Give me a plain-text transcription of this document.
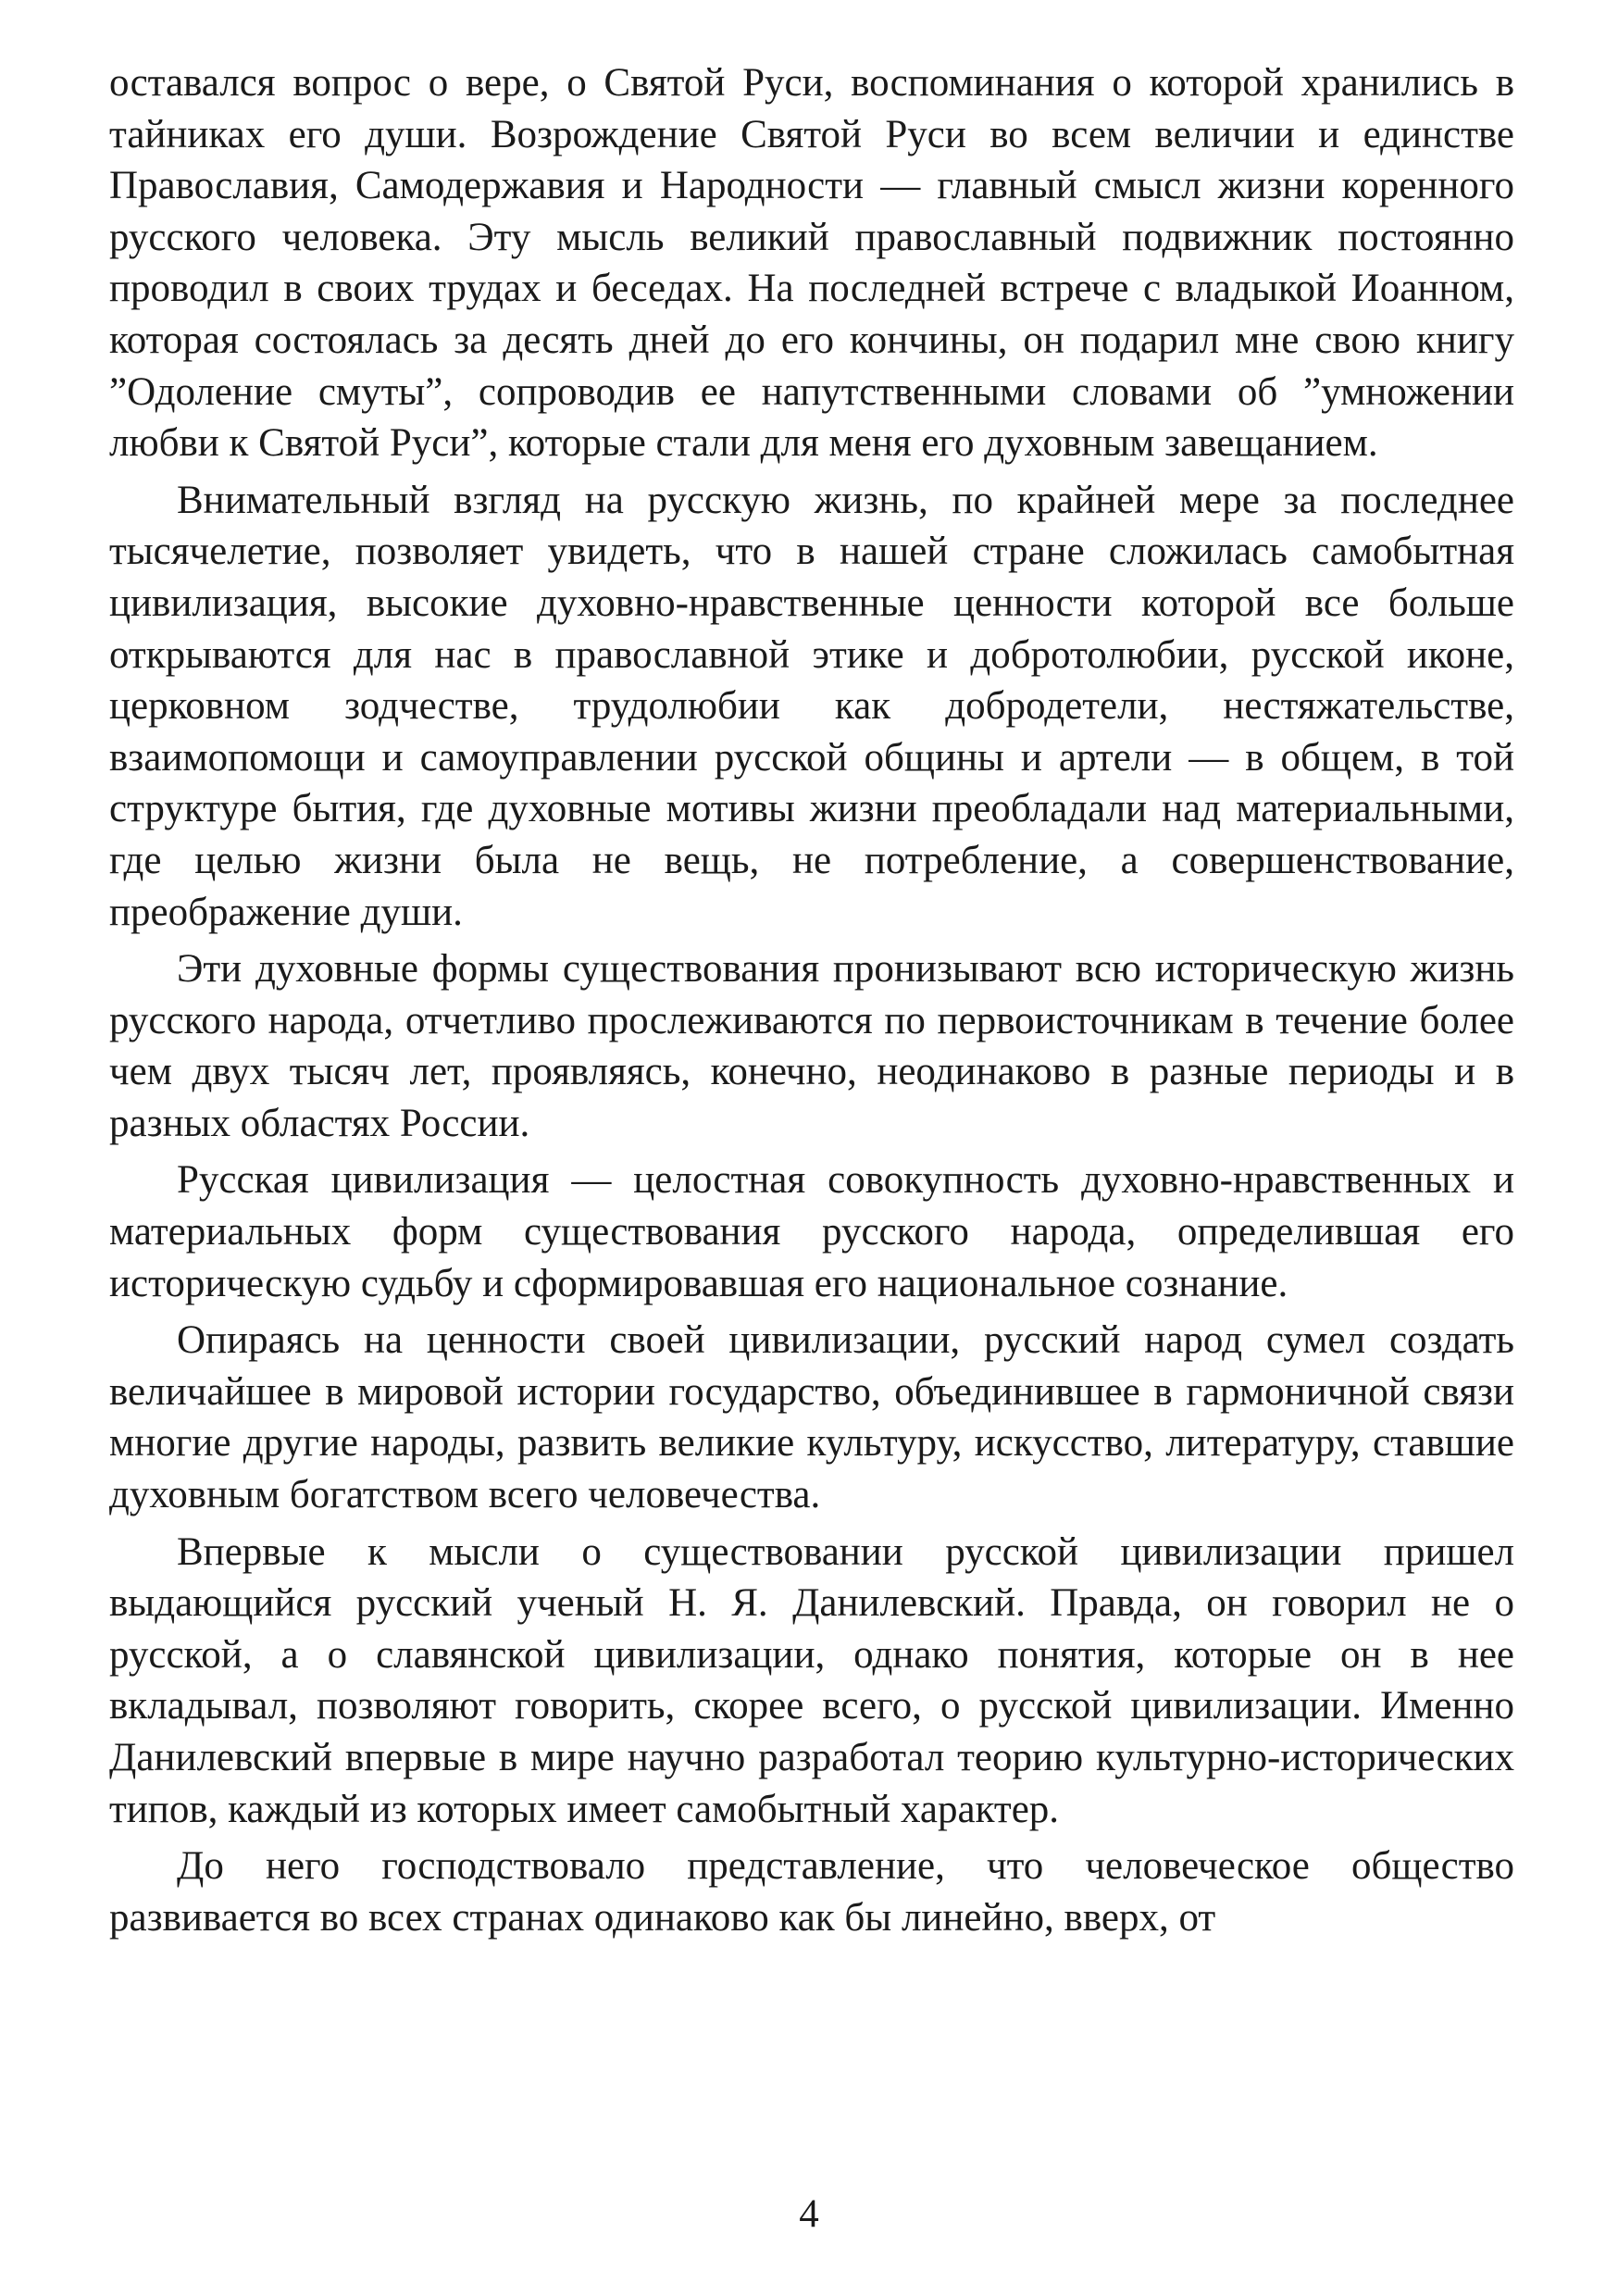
оставался вопрос о вере, о Святой Руси, воспоминания о которой хранились в тайниках его души. Возрождение Святой Руси во всем величии и единстве Православия, Самодержавия и Народности — главный смысл жизни коренного русского человека. Эту мысль великий православный подвижник постоянно проводил в своих трудах и беседах. На последней встрече с владыкой Иоанном, которая состоялась за десять дней до его кончины, он подарил мне свою книгу ”Одоление смуты”, сопроводив ее напутственными словами об ”умножении любви к Святой Руси”, которые стали для меня его духовным завещанием.

Внимательный взгляд на русскую жизнь, по крайней мере за последнее тысячелетие, позволяет увидеть, что в нашей стране сложилась самобытная цивилизация, высокие духовно-нравственные ценности которой все больше открываются для нас в православной этике и добротолюбии, русской иконе, церковном зодчестве, трудолюбии как добродетели, нестяжательстве, взаимопомощи и самоуправлении русской общины и артели — в общем, в той структуре бытия, где духовные мотивы жизни преобладали над материальными, где целью жизни была не вещь, не потребление, а совершенствование, преображение души.

Эти духовные формы существования пронизывают всю историческую жизнь русского народа, отчетливо прослеживаются по первоисточникам в течение более чем двух тысяч лет, проявляясь, конечно, неодинаково в разные периоды и в разных областях России.

Русская цивилизация — целостная совокупность духовно-нравственных и материальных форм существования русского народа, определившая его историческую судьбу и сформировавшая его национальное сознание.

Опираясь на ценности своей цивилизации, русский народ сумел создать величайшее в мировой истории государство, объединившее в гармоничной связи многие другие народы, развить великие культуру, искусство, литературу, ставшие духовным богатством всего человечества.

Впервые к мысли о существовании русской цивилизации пришел выдающийся русский ученый Н. Я. Данилевский. Правда, он говорил не о русской, а о славянской цивилизации, однако понятия, которые он в нее вкладывал, позволяют говорить, скорее всего, о русской цивилизации. Именно Данилевский впервые в мире научно разработал теорию культурно-исторических типов, каждый из которых имеет самобытный характер.

До него господствовало представление, что человеческое общество развивается во всех странах одинаково как бы линейно, вверх, от

4
